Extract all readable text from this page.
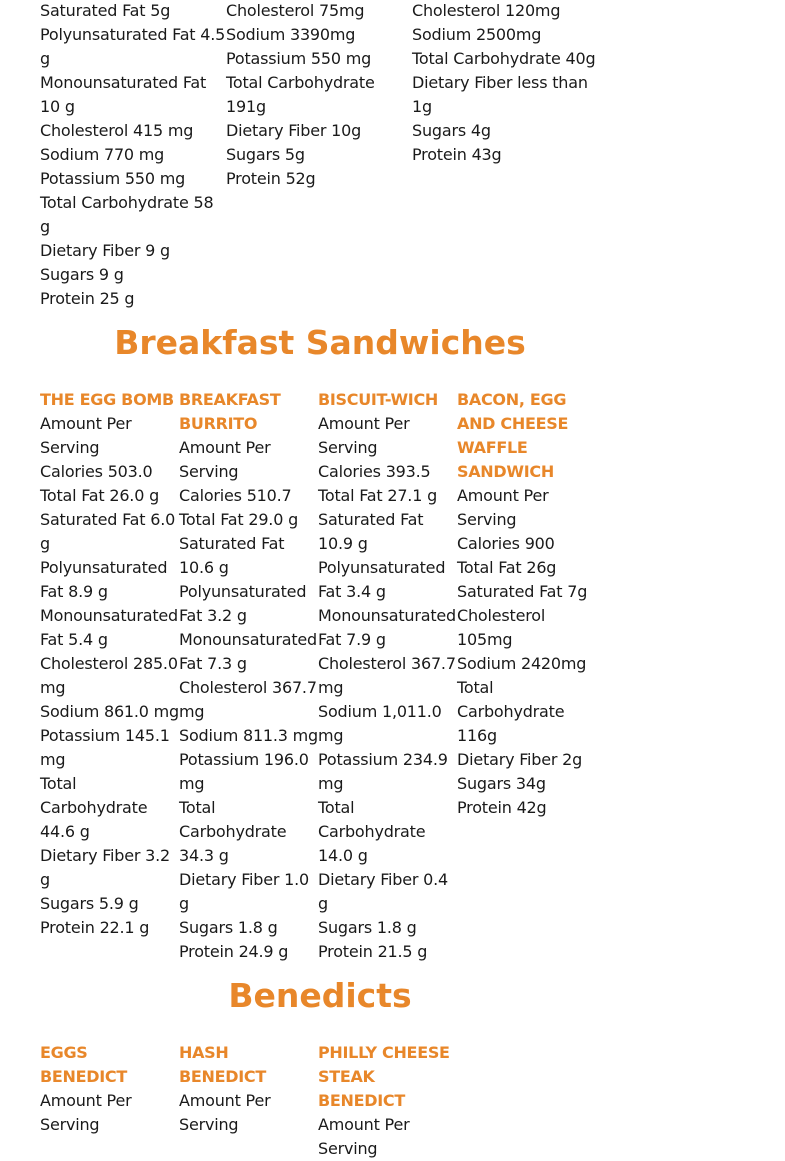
Saturated Fat 5g

Polyunsaturated Fat 4.5 g

Monounsaturated Fat 10 g

Cholesterol 415 mg

Sodium 770 mg

Potassium 550 mg

Total Carbohydrate 58 g

Dietary Fiber 9 g

Sugars 9 g

Protein 25 g

Cholesterol 75mg

Sodium 3390mg

Potassium 550 mg

Total Carbohydrate 191g

Dietary Fiber 10g

Sugars 5g

Protein 52g

Cholesterol 120mg

Sodium 2500mg

Total Carbohydrate 40g

Dietary Fiber less than 1g

Sugars 4g

Protein 43g

Breakfast Sandwiches

THE EGG BOMB

Amount Per Serving

Calories 503.0

Total Fat 26.0 g

Saturated Fat 6.0 g

Polyunsaturated Fat 8.9 g

Monounsaturated Fat 5.4 g

Cholesterol 285.0 mg

Sodium 861.0 mg

Potassium 145.1 mg

Total Carbohydrate 44.6 g

Dietary Fiber 3.2 g

Sugars 5.9 g

Protein 22.1 g

BREAKFAST BURRITO

Amount Per Serving

Calories 510.7

Total Fat 29.0 g

Saturated Fat 10.6 g

Polyunsaturated Fat 3.2 g

Monounsaturated Fat 7.3 g

Cholesterol 367.7 mg

Sodium 811.3 mg

Potassium 196.0 mg

Total Carbohydrate 34.3 g

Dietary Fiber 1.0 g

Sugars 1.8 g

Protein 24.9 g

BISCUIT-WICH

Amount Per Serving

Calories 393.5

Total Fat 27.1 g

Saturated Fat 10.9 g

Polyunsaturated Fat 3.4 g

Monounsaturated Fat 7.9 g

Cholesterol 367.7 mg

Sodium 1,011.0 mg

Potassium 234.9 mg

Total Carbohydrate 14.0 g

Dietary Fiber 0.4 g

Sugars 1.8 g

Protein 21.5 g

BACON, EGG AND CHEESE WAFFLE SANDWICH

Amount Per Serving

Calories 900

Total Fat 26g

Saturated Fat 7g

Cholesterol 105mg

Sodium 2420mg

Total Carbohydrate 116g

Dietary Fiber 2g

Sugars 34g

Protein 42g

Benedicts

EGGS BENEDICT

Amount Per Serving

HASH BENEDICT

Amount Per Serving

PHILLY CHEESE STEAK BENEDICT

Amount Per Serving
